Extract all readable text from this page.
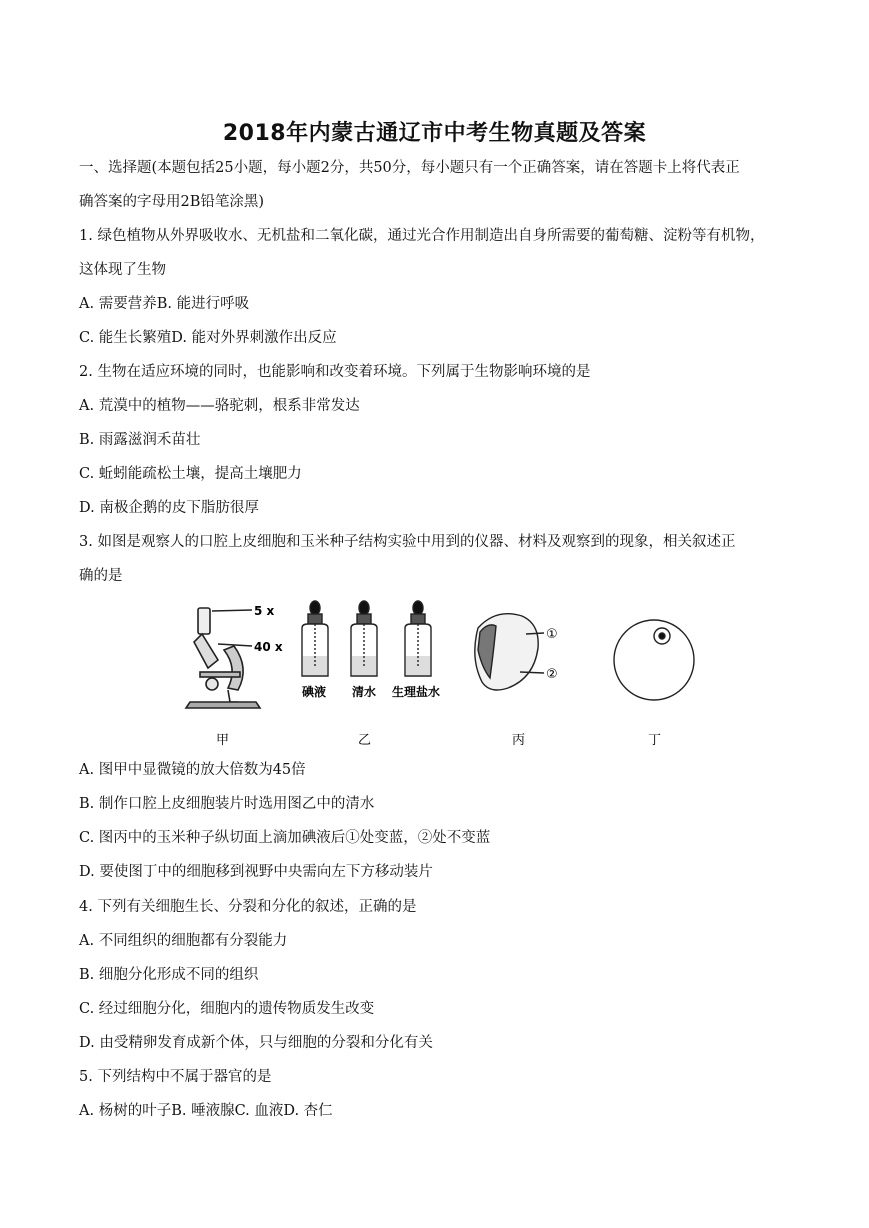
2018年内蒙古通辽市中考生物真题及答案
一、选择题(本题包括25小题，每小题2分，共50分，每小题只有一个正确答案，请在答题卡上将代表正
确答案的字母用2B铅笔涂黑)
1. 绿色植物从外界吸收水、无机盐和二氧化碳，通过光合作用制造出自身所需要的葡萄糖、淀粉等有机物，
这体现了生物
A. 需要营养B. 能进行呼吸
C. 能生长繁殖D. 能对外界刺激作出反应
2. 生物在适应环境的同时，也能影响和改变着环境。下列属于生物影响环境的是
A. 荒漠中的植物——骆驼刺，根系非常发达
B. 雨露滋润禾苗壮
C. 蚯蚓能疏松土壤，提高土壤肥力
D. 南极企鹅的皮下脂肪很厚
3. 如图是观察人的口腔上皮细胞和玉米种子结构实验中用到的仪器、材料及观察到的现象，相关叙述正
确的是
5 x
40 x
甲
碘液 清水 生理盐水
乙
①
②
丙	丁
A. 图甲中显微镜的放大倍数为45倍
B. 制作口腔上皮细胞装片时选用图乙中的清水
C. 图丙中的玉米种子纵切面上滴加碘液后①处变蓝，②处不变蓝
D. 要使图丁中的细胞移到视野中央需向左下方移动装片
4. 下列有关细胞生长、分裂和分化的叙述，正确的是
A. 不同组织的细胞都有分裂能力
B. 细胞分化形成不同的组织
C. 经过细胞分化，细胞内的遗传物质发生改变
D. 由受精卵发育成新个体，只与细胞的分裂和分化有关
5. 下列结构中不属于器官的是
A. 杨树的叶子B. 唾液腺C. 血液D. 杏仁
